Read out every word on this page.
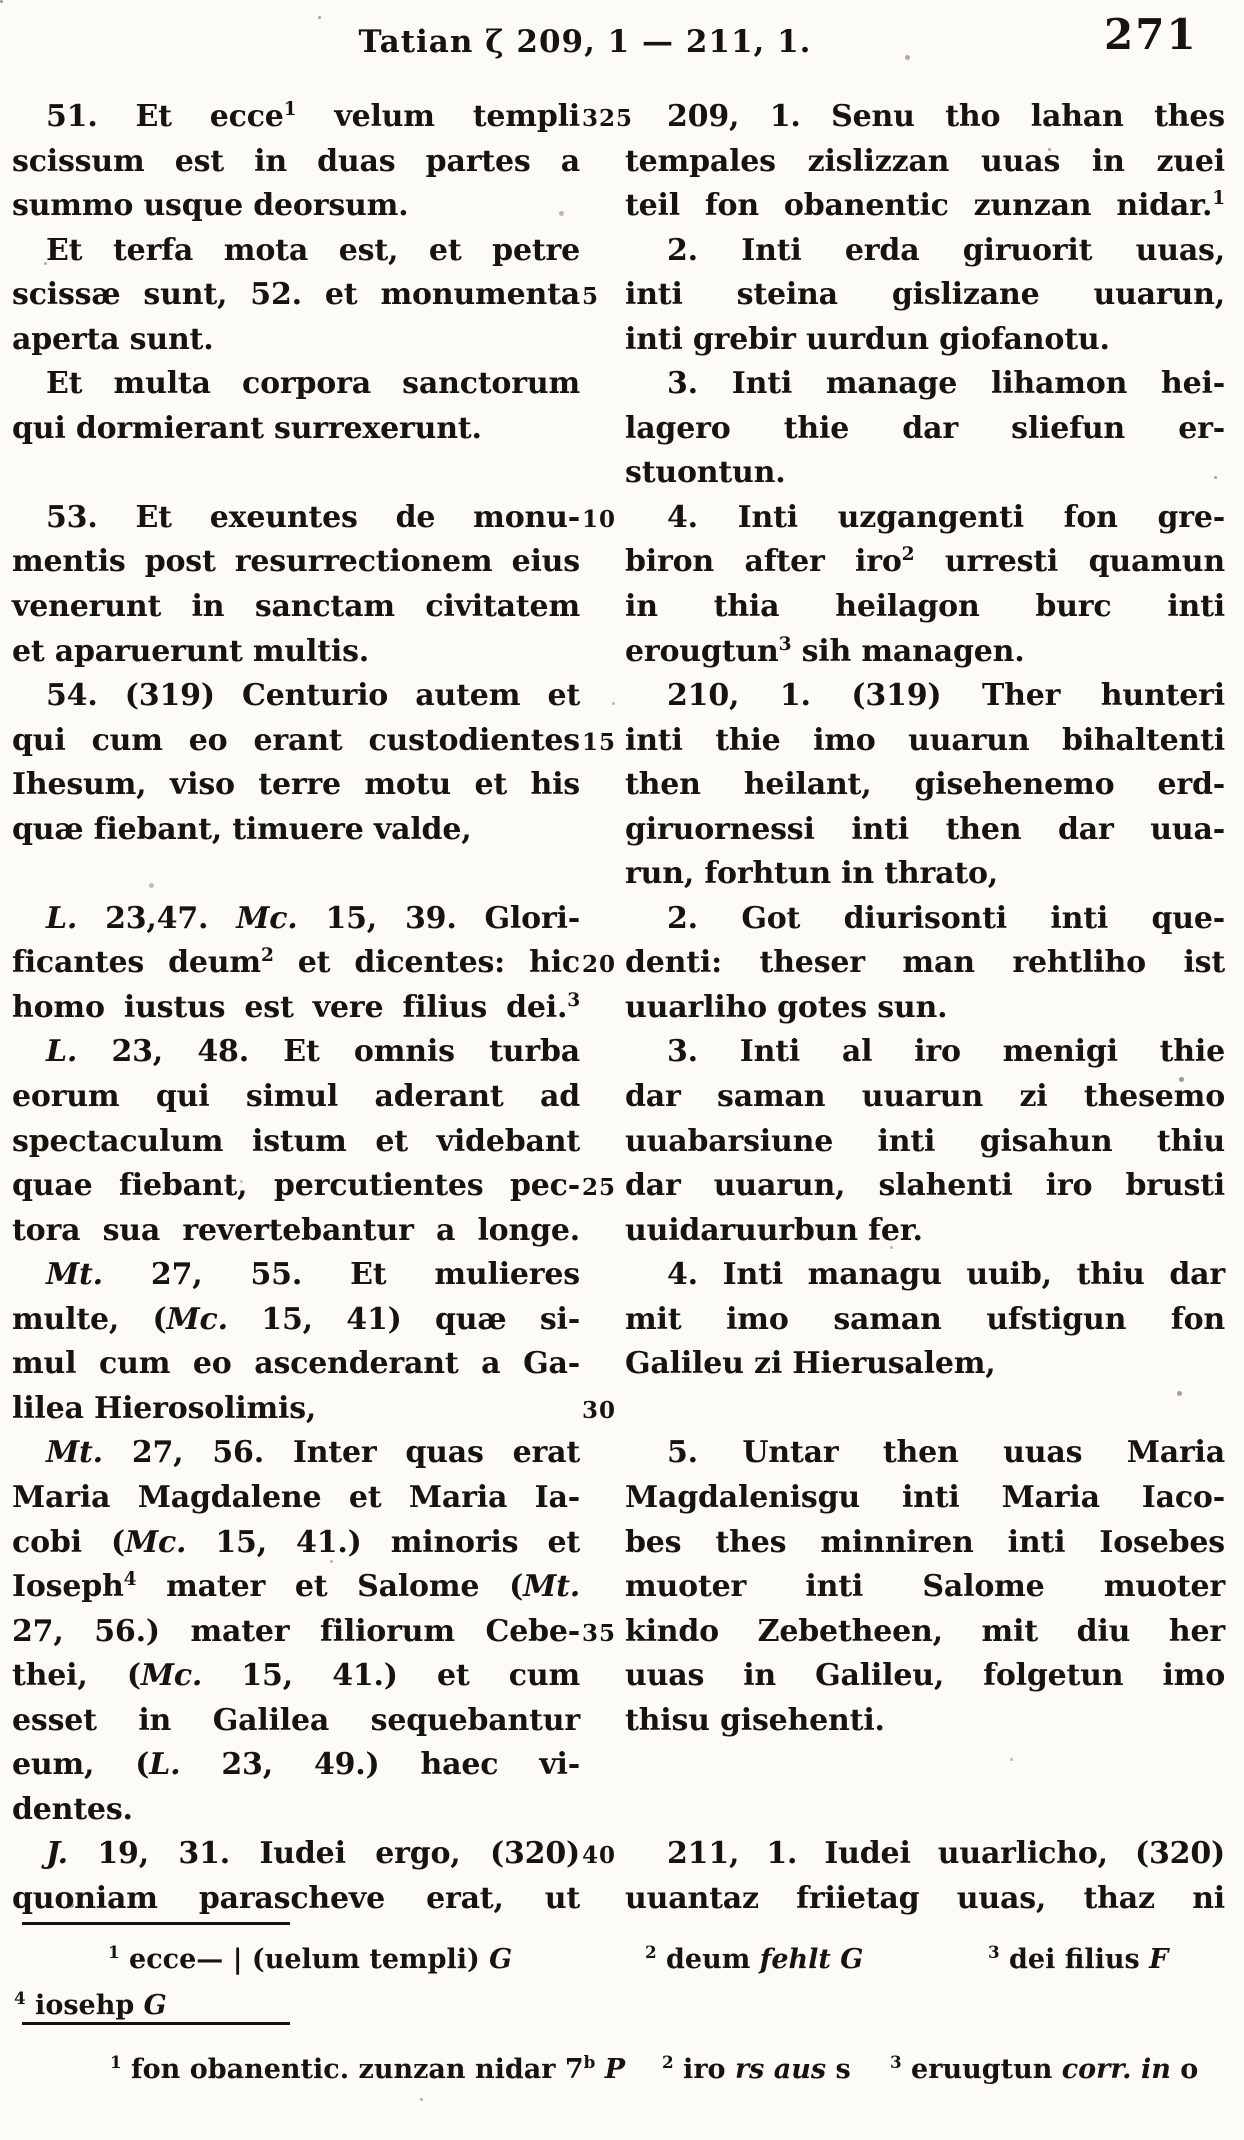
Tatian ζ 209, 1 — 211, 1.	271
51. Et ecce$^1$ velum templi 325	209, 1. Senu tho lahan thes
scissum est in duas partes a tempales zislizzan uuas in zuei
summo usque deorsum.	teil fon obanentic zunzan nidar.$^1$
Et terfa mota est, et petre	2. Inti erda giruorit uuas,
scissæ sunt, 52. et monumenta 5 inti steina gislizane uuarun,
aperta sunt.	inti grebir uurdun giofanotu.
Et multa corpora sanctorum	3. Inti manage lihamon hei-
qui dormierant surrexerunt.	lagero thie dar sliefun er-
stuontun.
53. Et exeuntes de monu- 10	4. Inti uzgangenti fon gre-
mentis post resurrectionem eius biron after iro$^2$ urresti quamun
venerunt in sanctam civitatem in thia heilagon burc inti
et aparuerunt multis.	erougtun$^3$ sih managen.
54. (319) Centurio autem et	210, 1. (319) Ther hunteri
qui cum eo erant custodientes 15 inti thie imo uuarun bihaltenti
Ihesum, viso terre motu et his then heilant, gisehenemo erd-
quæ fiebant, timuere valde,	giruornessi inti then dar uua-
run, forhtun in thrato,
L. 23,47. Mc. 15, 39. Glori-	2. Got diurisonti inti que-
ficantes deum$^2$ et dicentes: hic 20 denti: theser man rehtliho ist
homo iustus est vere filius dei.$^3$ uuarliho gotes sun.
L. 23, 48. Et omnis turba	3. Inti al iro menigi thie
eorum qui simul aderant ad dar saman uuarun zi thesemo
spectaculum istum et videbant uuabarsiune inti gisahun thiu
quae fiebant, percutientes pec- 25 dar uuarun, slahenti iro brusti
tora sua revertebantur a longe. uuidaruurbun fer.
Mt. 27, 55. Et mulieres	4. Inti managu uuib, thiu dar
multe, (Mc. 15, 41) quæ si- mit imo saman ufstigun fon
mul cum eo ascenderant a Ga- Galileu zi Hierusalem,
lilea Hierosolimis,	30
Mt. 27, 56. Inter quas erat	5. Untar then uuas Maria
Maria Magdalene et Maria Ia- Magdalenisgu inti Maria Iaco-
cobi (Mc. 15, 41.) minoris et bes thes minniren inti Iosebes
Ioseph$^4$ mater et Salome (Mt. muoter inti Salome muoter
27, 56.) mater filiorum Cebe- 35 kindo Zebetheen, mit diu her
thei, (Mc. 15, 41.) et cum uuas in Galileu, folgetun imo
esset in Galilea sequebantur thisu gisehenti.
eum, (L. 23, 49.) haec vi-
dentes.
J. 19, 31. Iudei ergo, (320) 40	211, 1. Iudei uuarlicho, (320)
quoniam parascheve erat, ut uuantaz friietag uuas, thaz ni
$^1$ ecce— | (uelum templi) G	$^2$ deum fehlt G	$^3$ dei filius F
$^4$ iosehp G
$^1$ fon obanentic. zunzan nidar 7$^b$ P $^2$ iro rs aus s $^3$ eruugtun corr. in o
